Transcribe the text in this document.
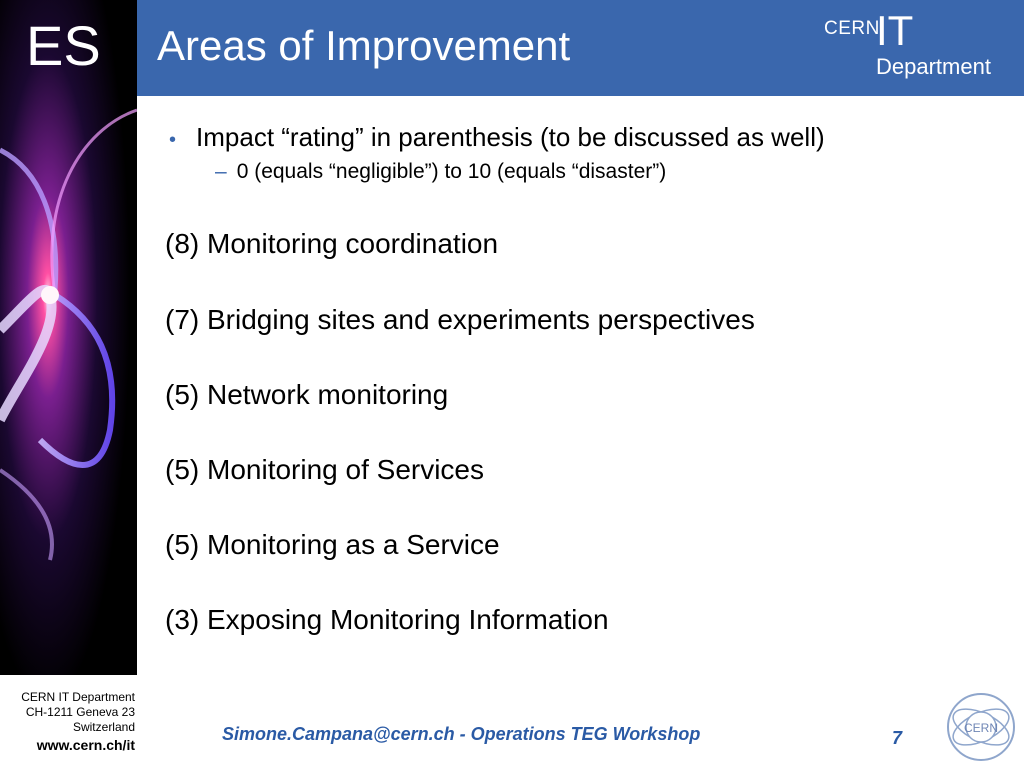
ES Areas of Improvement	CERN
IT
Department
• Impact “rating” in parenthesis (to be discussed as well)
– 0 (equals “negligible”) to 10 (equals “disaster”)
(8) Monitoring coordination
(7) Bridging sites and experiments perspectives
(5) Network monitoring
(5) Monitoring of Services
(5) Monitoring as a Service
(3) Exposing Monitoring Information
CERN IT Department
CH-1211 Geneva 23
Switzerland
www.cern.ch/it
Simone.Campana@cern.ch - Operations TEG Workshop	7	CERN
